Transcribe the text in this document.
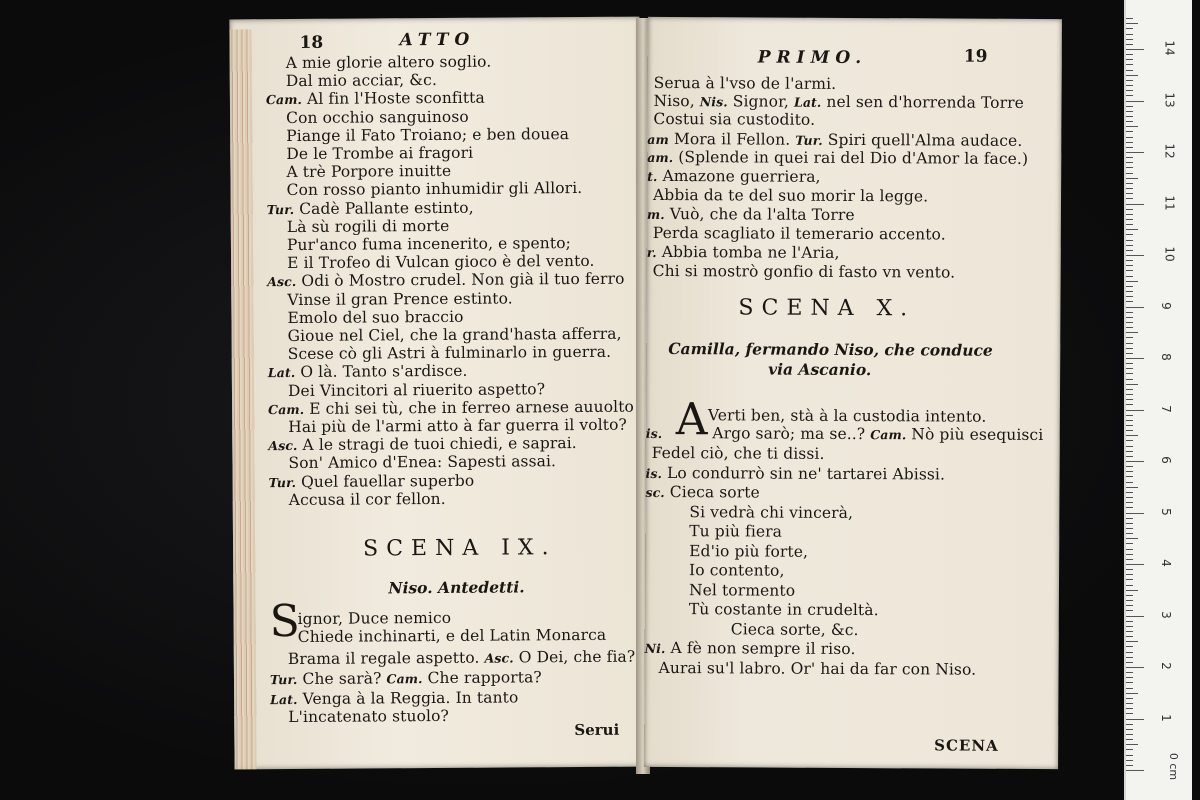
18	ATTO
A mie glorie altero soglio.
Dal mio acciar, &c.
Cam. Al fin l'Hoste sconfitta
Con occhio sanguinoso
Piange il Fato Troiano; e ben douea
De le Trombe ai fragori
A trè Porpore inuitte
Con rosso pianto inhumidir gli Allori.
Tur. Cadè Pallante estinto,
Là sù rogili di morte
Pur'anco fuma incenerito, e spento;
E il Trofeo di Vulcan gioco è del vento.
Asc. Odi ò Mostro crudel. Non già il tuo ferro
Vinse il gran Prence estinto.
Emolo del suo braccio
Gioue nel Ciel, che la grand'hasta afferra,
Scese cò gli Astri à fulminarlo in guerra.
Lat. O là. Tanto s'ardisce.
Dei Vincitori al riuerito aspetto?
Cam. E chi sei tù, che in ferreo arnese auuolto
Hai più de l'armi atto à far guerra il volto?
Asc. A le stragi de tuoi chiedi, e saprai.
Son' Amico d'Enea: Sapesti assai.
Tur. Quel fauellar superbo
Accusa il cor fellon.
SCENA IX.
Niso. Antedetti.
S
ignor, Duce nemico
Chiede inchinarti, e del Latin Monarca
Brama il regale aspetto. Asc. O Dei, che fia?
Tur. Che sarà? Cam. Che rapporta?
Lat. Venga à la Reggia. In tanto
L'incatenato stuolo?
Serui
PRIMO.	19
Serua à l'vso de l'armi.
Niso, Nis. Signor, Lat. nel sen d'horrenda Torre
Costui sia custodito.
am Mora il Fellon. Tur. Spiri quell'Alma audace.
am. (Splende in quei rai del Dio d'Amor la face.)
t. Amazone guerriera,
Abbia da te del suo morir la legge.
m. Vuò, che da l'alta Torre
Perda scagliato il temerario accento.
r. Abbia tomba ne l'Aria,
Chi si mostrò gonfio di fasto vn vento.
SCENA X.
Camilla, fermando Niso, che conduce
via Ascanio.
A Verti ben, stà à la custodia intento.
is.	Argo sarò; ma se..? Cam. Nò più esequisci
Fedel ciò, che ti dissi.
is. Lo condurrò sin ne' tartarei Abissi.
sc. Cieca sorte
Si vedrà chi vincerà,
Tu più fiera
Ed'io più forte,
Io contento,
Nel tormento
Tù costante in crudeltà.
Cieca sorte, &c.
Ni. A fè non sempre il riso.
Aurai su'l labro. Or' hai da far con Niso.
SCENA
14
13
12
11
10
9
8
7
6
5
4
3
2
1
0 cm
